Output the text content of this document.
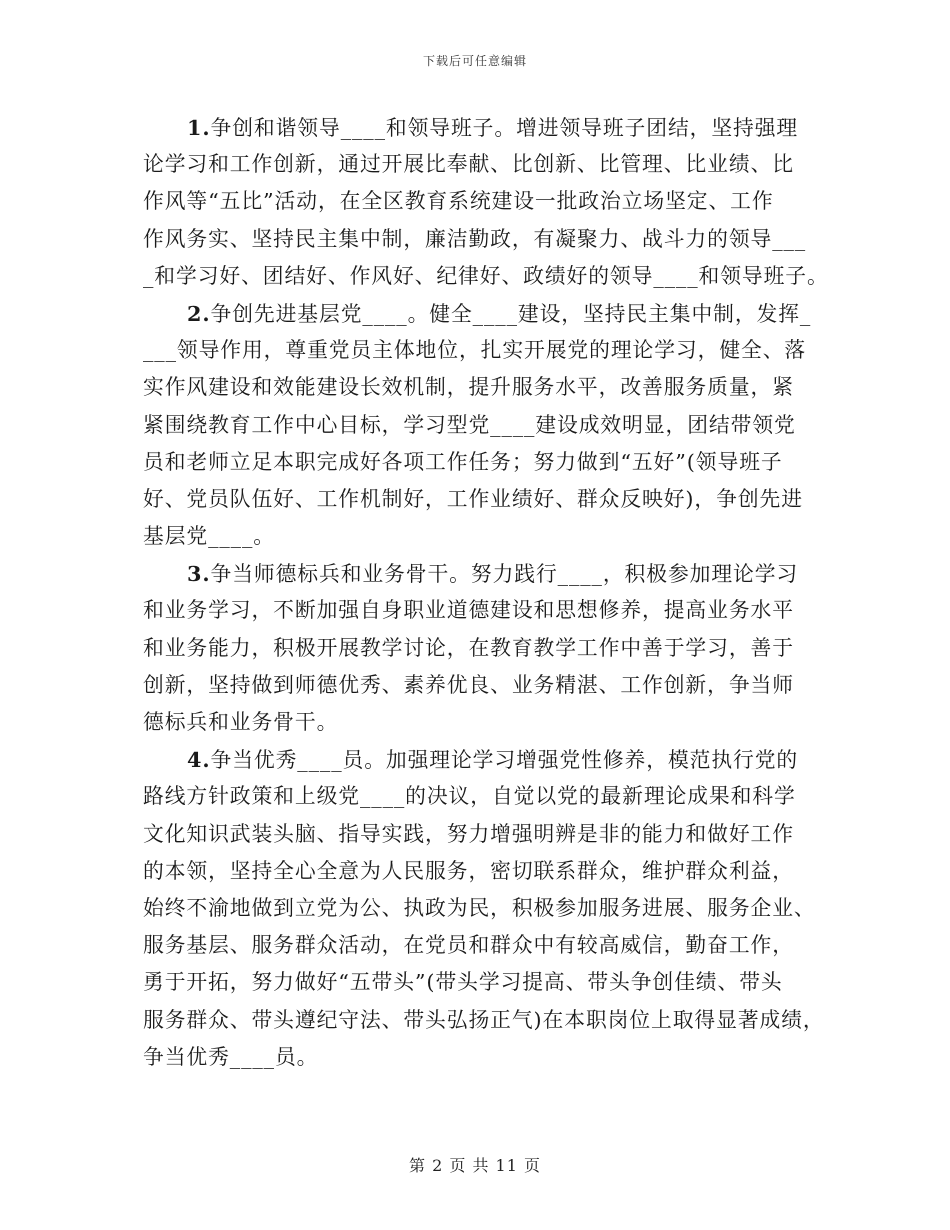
下载后可任意编辑

1.争创和谐领导____和领导班子。增进领导班子团结，坚持强理
论学习和工作创新，通过开展比奉献、比创新、比管理、比业绩、比
作风等“五比”活动，在全区教育系统建设一批政治立场坚定、工作
作风务实、坚持民主集中制，廉洁勤政，有凝聚力、战斗力的领导___
_和学习好、团结好、作风好、纪律好、政绩好的领导____和领导班子。

2.争创先进基层党____。健全____建设，坚持民主集中制，发挥_
___领导作用，尊重党员主体地位，扎实开展党的理论学习，健全、落
实作风建设和效能建设长效机制，提升服务水平，改善服务质量，紧
紧围绕教育工作中心目标，学习型党____建设成效明显，团结带领党
员和老师立足本职完成好各项工作任务；努力做到“五好”(领导班子
好、党员队伍好、工作机制好，工作业绩好、群众反映好)，争创先进
基层党____。

3.争当师德标兵和业务骨干。努力践行____，积极参加理论学习
和业务学习，不断加强自身职业道德建设和思想修养，提高业务水平
和业务能力，积极开展教学讨论，在教育教学工作中善于学习，善于
创新，坚持做到师德优秀、素养优良、业务精湛、工作创新，争当师
德标兵和业务骨干。

4.争当优秀____员。加强理论学习增强党性修养，模范执行党的
路线方针政策和上级党____的决议，自觉以党的最新理论成果和科学
文化知识武装头脑、指导实践，努力增强明辨是非的能力和做好工作
的本领，坚持全心全意为人民服务，密切联系群众，维护群众利益，
始终不渝地做到立党为公、执政为民，积极参加服务进展、服务企业、
服务基层、服务群众活动，在党员和群众中有较高威信，勤奋工作，
勇于开拓，努力做好“五带头”(带头学习提高、带头争创佳绩、带头
服务群众、带头遵纪守法、带头弘扬正气)在本职岗位上取得显著成绩，
争当优秀____员。

第 2 页 共 11 页
